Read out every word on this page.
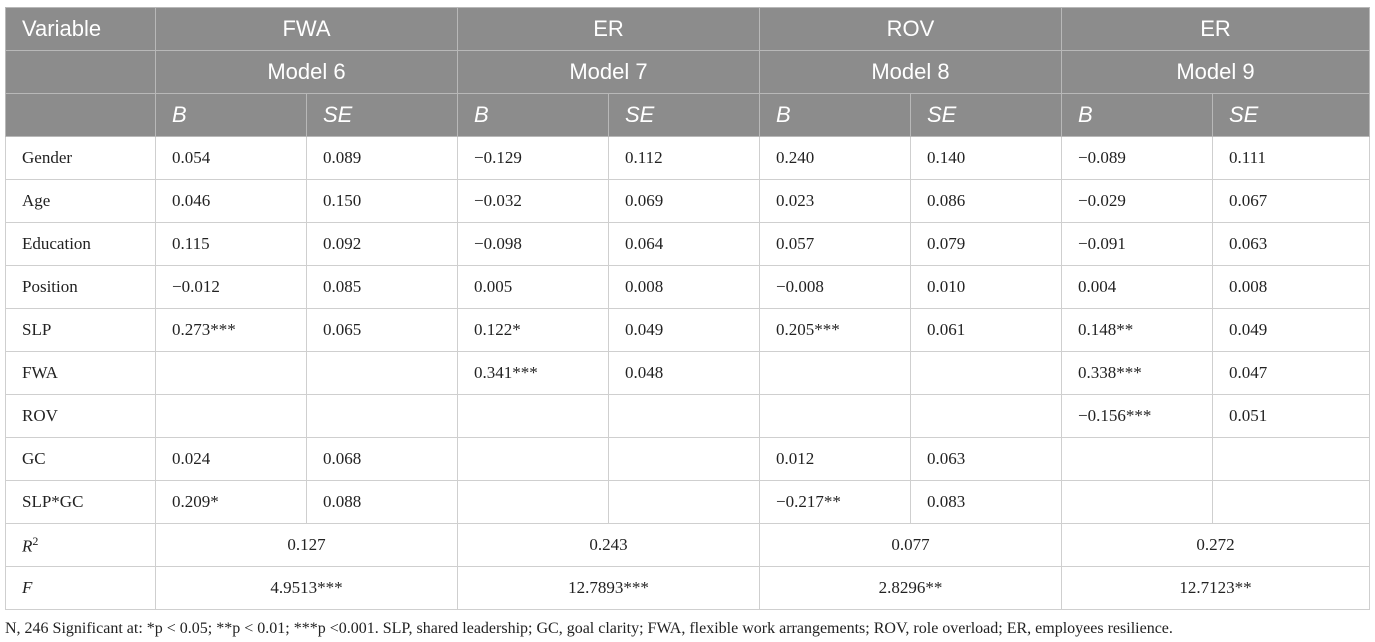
Variable	FWA		ER		ROV		ER	
	Model 6		Model 7		Model 8		Model 9	
	B	SE	B	SE	B	SE	B	SE
Gender	0.054	0.089	−0.129	0.112	0.240	0.140	−0.089	0.111
Age	0.046	0.150	−0.032	0.069	0.023	0.086	−0.029	0.067
Education	0.115	0.092	−0.098	0.064	0.057	0.079	−0.091	0.063
Position	−0.012	0.085	0.005	0.008	−0.008	0.010	0.004	0.008
SLP	0.273***	0.065	0.122*	0.049	0.205***	0.061	0.148**	0.049
FWA			0.341***	0.048			0.338***	0.047
ROV							−0.156***	0.051
GC	0.024	0.068			0.012	0.063		
SLP*GC	0.209*	0.088			−0.217**	0.083		
$R^2$	0.127		0.243		0.077		0.272	
F	4.9513***		12.7893***		2.8296**		12.7123**	
N, 246 Significant at: *p < 0.05; **p < 0.01; ***p <0.001. SLP, shared leadership; GC, goal clarity; FWA, flexible work arrangements; ROV, role overload; ER, employees resilience.
